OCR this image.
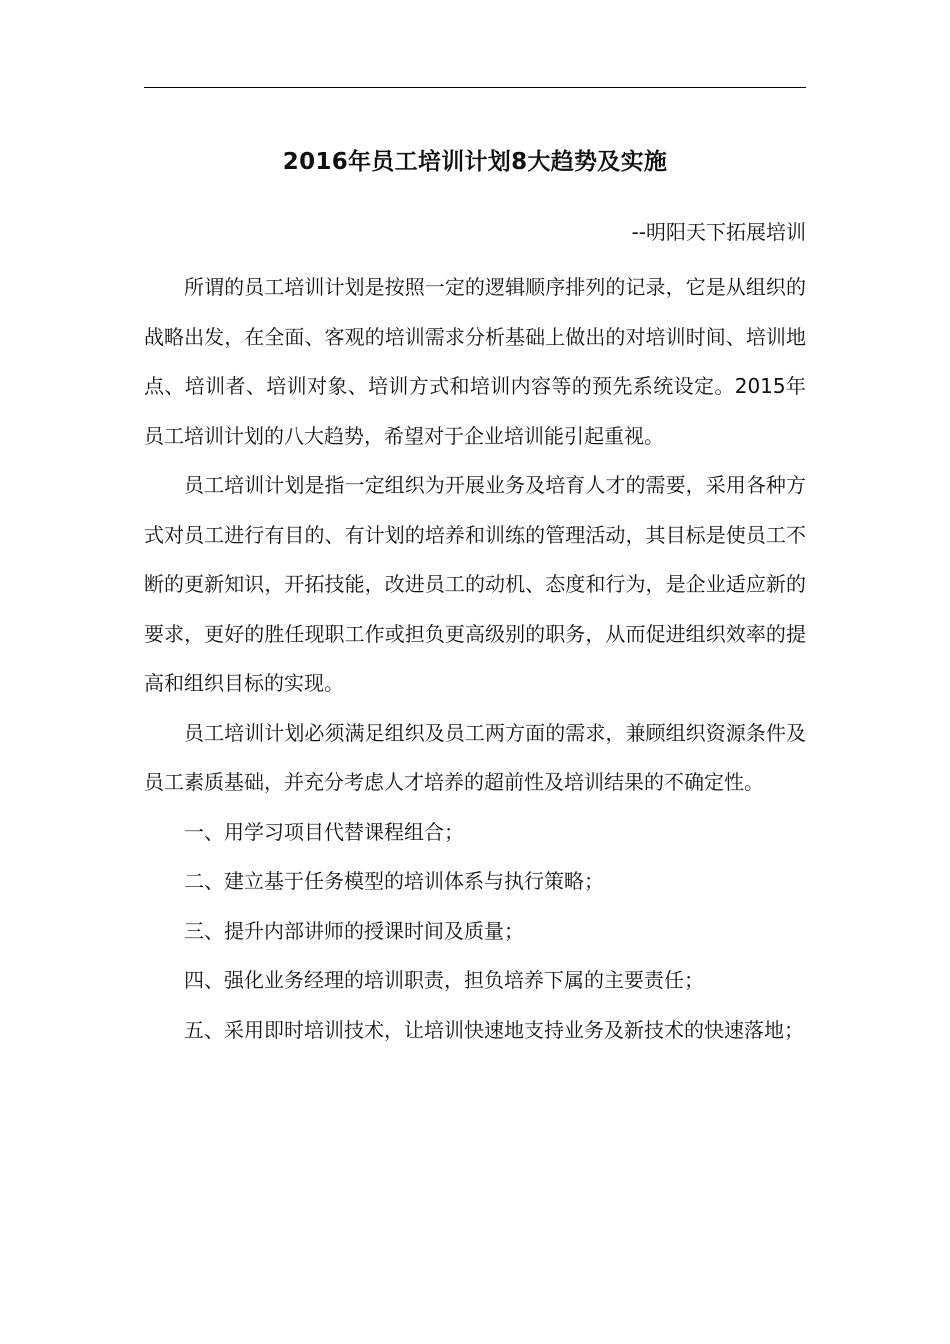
2016年员工培训计划8大趋势及实施
--明阳天下拓展培训

所谓的员工培训计划是按照一定的逻辑顺序排列的记录，它是从组织的战略出发，在全面、客观的培训需求分析基础上做出的对培训时间、培训地点、培训者、培训对象、培训方式和培训内容等的预先系统设定。2015年员工培训计划的八大趋势，希望对于企业培训能引起重视。

员工培训计划是指一定组织为开展业务及培育人才的需要，采用各种方式对员工进行有目的、有计划的培养和训练的管理活动，其目标是使员工不断的更新知识，开拓技能，改进员工的动机、态度和行为，是企业适应新的要求，更好的胜任现职工作或担负更高级别的职务，从而促进组织效率的提高和组织目标的实现。

员工培训计划必须满足组织及员工两方面的需求，兼顾组织资源条件及员工素质基础，并充分考虑人才培养的超前性及培训结果的不确定性。

一、用学习项目代替课程组合；

二、建立基于任务模型的培训体系与执行策略；

三、提升内部讲师的授课时间及质量；

四、强化业务经理的培训职责，担负培养下属的主要责任；

五、采用即时培训技术，让培训快速地支持业务及新技术的快速落地；
